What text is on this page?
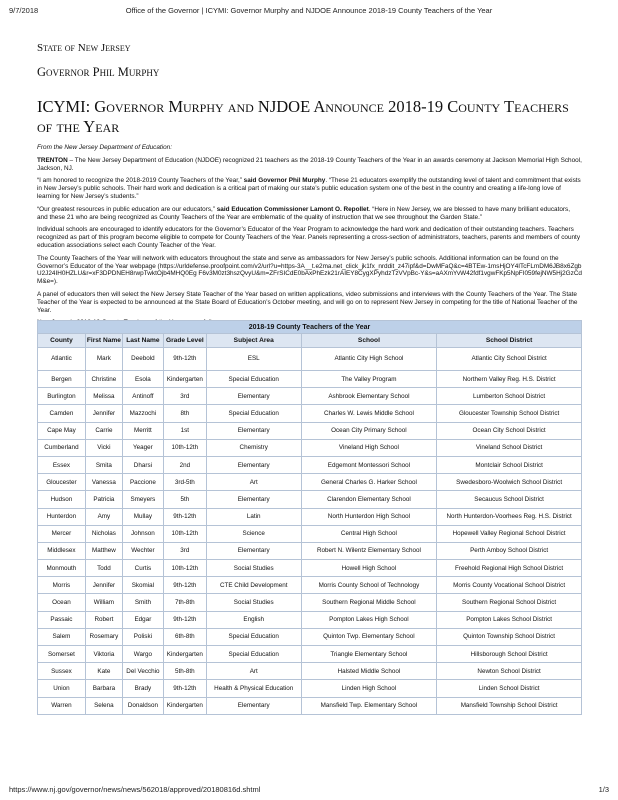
9/7/2018	Office of the Governor | ICYMI: Governor Murphy and NJDOE Announce 2018-19 County Teachers of the Year
State of New Jersey
Governor Phil Murphy
ICYMI: Governor Murphy and NJDOE Announce 2018-19 County Teachers of the Year

From the New Jersey Department of Education:

TRENTON – The New Jersey Department of Education (NJDOE) recognized 21 teachers as the 2018-19 County Teachers of the Year in an awards ceremony at Jackson Memorial High School, Jackson, NJ.

“I am honored to recognize the 2018-2019 County Teachers of the Year,” said Governor Phil Murphy. “These 21 educators exemplify the outstanding level of talent and commitment that exists in New Jersey’s public schools. Their hard work and dedication is a critical part of making our state’s public education system one of the best in the country and creating a life-long love of learning for New Jersey’s students.”

“Our greatest resources in public education are our educators,” said Education Commissioner Lamont O. Repollet. “Here in New Jersey, we are blessed to have many brilliant educators, and these 21 who are being recognized as County Teachers of the Year are emblematic of the quality of instruction that we see throughout the Garden State.”

Individual schools are encouraged to identify educators for the Governor’s Educator of the Year Program to acknowledge the hard work and dedication of their outstanding teachers. Teachers recognized as part of this program become eligible to compete for County Teachers of the Year. Panels representing a cross-section of administrators, teachers, parents and members of county education associations select each County Teacher of the Year.

The County Teachers of the Year will network with educators throughout the state and serve as ambassadors for New Jersey’s public schools. Additional information can be found on the Governor’s Educator of the Year webpage (https://urldefense.proofpoint.com/v2/url?u=https-3A__t.e2ma.net_click_jk1fx_nrddit_z47ipf&d=DwMFaQ&c=4BTEw-1msHjOY4ITcFLmDM6JB8x6ZgbU2J24IH0HZLU&r=xF3DPDNEH8rwpTwktOjb4MHQ0Eg F6v3M0zt3hszQvyU&m=ZFrSICdE0bAxPhEzk21rAIEY8CygXPyhdzTzVVpBc-Y&s=aAXmYvW42fdf1vgwFKp5NpFI059fejNW5Hj2GzCdM&e=).

A panel of educators then will select the New Jersey State Teacher of the Year based on written applications, video submissions and interviews with the County Teachers of the Year. The State Teacher of the Year is expected to be announced at the State Board of Education’s October meeting, and will go on to represent New Jersey in competing for the title of National Teacher of the Year.

2018-19 County Teachers of the Year						
County	First Name	Last Name	Grade Level	Subject Area	School	School District
Atlantic	Mark	Deebold	9th-12th	ESL	Atlantic City High School	Atlantic City School District
Bergen	Christine	Esola	Kindergarten	Special Education	The Valley Program	Northern Valley Reg. H.S. District
Burlington	Melissa	Antinoff	3rd	Elementary	Ashbrook Elementary School	Lumberton School District
Camden	Jennifer	Mazzochi	8th	Special Education	Charles W. Lewis Middle School	Gloucester Township School District
Cape May	Carrie	Merritt	1st	Elementary	Ocean City Primary School	Ocean City School District
Cumberland	Vicki	Yeager	10th-12th	Chemistry	Vineland High School	Vineland School District
Essex	Smita	Dharsi	2nd	Elementary	Edgemont Montessori School	Montclair School District
Gloucester	Vanessa	Paccione	3rd-5th	Art	General Charles G. Harker School	Swedesboro-Woolwich School District
Hudson	Patricia	Smeyers	5th	Elementary	Clarendon Elementary School	Secaucus School District
Hunterdon	Amy	Mullay	9th-12th	Latin	North Hunterdon High School	North Hunterdon-Voorhees Reg. H.S. District
Mercer	Nicholas	Johnson	10th-12th	Science	Central High School	Hopewell Valley Regional School District
Middlesex	Matthew	Wechter	3rd	Elementary	Robert N. Wilentz Elementary School	Perth Amboy School District
Monmouth	Todd	Curtis	10th-12th	Social Studies	Howell High School	Freehold Regional High School District
Morris	Jennifer	Skomial	9th-12th	CTE Child Development	Morris County School of Technology	Morris County Vocational School District
Ocean	William	Smith	7th-8th	Social Studies	Southern Regional Middle School	Southern Regional School District
Passaic	Robert	Edgar	9th-12th	English	Pompton Lakes High School	Pompton Lakes School District
Salem	Rosemary	Poliski	6th-8th	Special Education	Quinton Twp. Elementary School	Quinton Township School District
Somerset	Viktoria	Wargo	Kindergarten	Special Education	Triangle Elementary School	Hillsborough School District
Sussex	Kate	Del Vecchio	5th-8th	Art	Halsted Middle School	Newton School District
Union	Barbara	Brady	9th-12th	Health & Physical Education	Linden High School	Linden School District
Warren	Selena	Donaldson	Kindergarten	Elementary	Mansfield Twp. Elementary School	Mansfield Township School District
https://www.nj.gov/governor/news/news/562018/approved/20180816d.shtml	1/3
